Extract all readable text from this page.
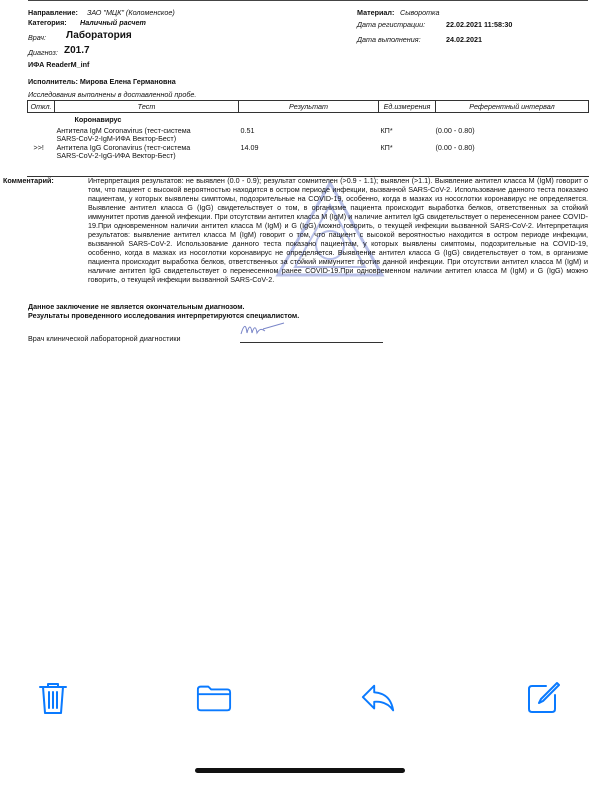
Направление: ЗАО "МЦК" (Коломенское)
Категория: Наличный расчет
Врач: Лаборатория
Диагноз: Z01.7
ИФА ReaderM_inf
Исполнитель: Мирова Елена Германовна
Исследования выполнены в доставленной пробе.
Материал: Сыворотка
Дата регистрации:	22.02.2021 11:58:30
Дата выполнения:	24.02.2021
Откл.	Тест	Результат	Ед.измерения	Референтный интервал
	Коронавирус			

	Антитела IgM Coronavirus (тест-система
SARS-CoV-2-IgM-ИФА Вектор-Бест)	0.51	КП*	(0.00 - 0.80)
>>!	Антитела IgG Coronavirus (тест-система
SARS-CoV-2-IgG-ИФА Вектор-Бест)	14.09	КП*	(0.00 - 0.80)
Комментарий:	Интерпретация результатов: не выявлен (0.0 - 0.9); результат сомнителен (>0.9 - 1.1); выявлен (>1.1). Выявление антител класса M (IgM) говорит о том, что пациент с высокой вероятностью находится в остром периоде инфекции, вызванной SARS-CoV-2. Использование данного теста показано пациентам, у которых выявлены симптомы, подозрительные на COVID-19, особенно, когда в мазках из носоглотки коронавирус не определяется. Выявление антител класса G (IgG) свидетельствует о том, в организме пациента происходит выработка белков, ответственных за стойкий иммунитет против данной инфекции. При отсутствии антител класса M (IgM) и наличие антител IgG свидетельствует о перенесенном ранее COVID-19.При одновременном наличии антител класса M (IgM) и G (IgG) можно говорить, о текущей инфекции вызванной SARS-CoV-2. Интерпретация результатов: выявление антител класса M (IgM) говорит о том, что пациент с высокой вероятностью находится в остром периоде инфекции, вызванной SARS-CoV-2. Использование данного теста показано пациентам, у которых выявлены симптомы, подозрительные на COVID-19, особенно, когда в мазках из носоглотки коронавирус не определяется. Выявление антител класса G (IgG) свидетельствует о том, в организме пациента происходит выработка белков, ответственных за стойкий иммунитет против данной инфекции. При отсутствии антител класса M (IgM) и наличие антител IgG свидетельствует о перенесенном ранее COVID-19.При одновременном наличии антител класса M (IgM) и G (IgG) можно говорить, о текущей инфекции вызванной SARS-CoV-2.
Данное заключение не является окончательным диагнозом.
Результаты проведенного исследования интерпретируются специалистом.
Врач клинической лабораторной диагностики
